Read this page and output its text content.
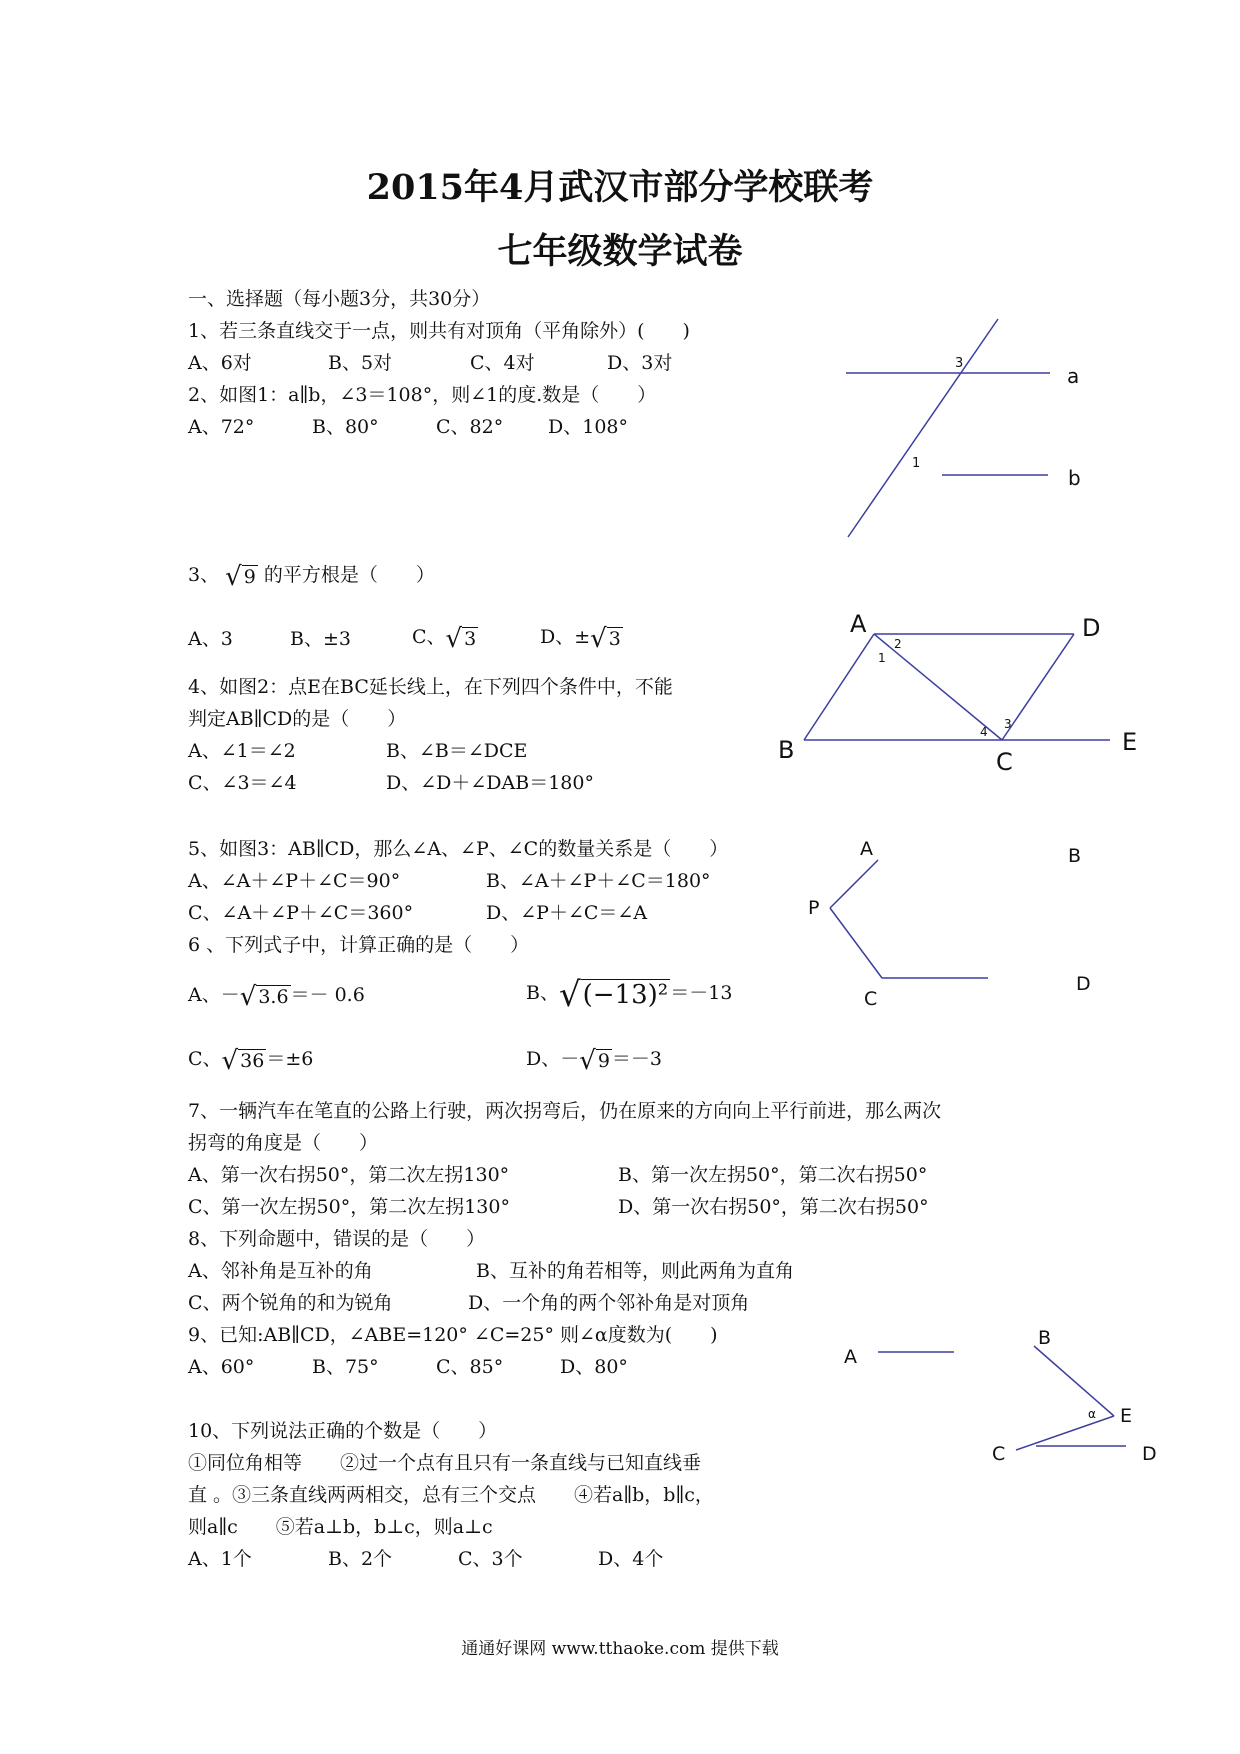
2015年4月武汉市部分学校联考
七年级数学试卷
一、选择题（每小题3分，共30分）
1、若三条直线交于一点，则共有对顶角（平角除外）(　　)
A、6对	B、5对	C、4对	D、3对
2、如图1：a∥b，∠3＝108°，则∠1的度.数是（　　）
A、72°	B、80°	C、82° D、108°
3、 √ 9 的平方根是（　　）
A、3	B、±3	C、√ 3	D、±√ 3
4、如图2：点E在BC延长线上，在下列四个条件中，不能
判定AB∥CD的是（　　）
A、∠1＝∠2	B、∠B＝∠DCE
C、∠3＝∠4	D、∠D＋∠DAB＝180°
5、如图3：AB∥CD，那么∠A、∠P、∠C的数量关系是（　　）
A、∠A＋∠P＋∠C＝90°	B、∠A＋∠P＋∠C＝180°
C、∠A＋∠P＋∠C＝360°	D、∠P＋∠C＝∠A
6 、下列式子中，计算正确的是（　　）
A、－√ 3.6 ＝－ 0.6	B、√(−13)² ＝－13
C、√ 36 ＝±6	D、－√ 9 ＝－3
7、一辆汽车在笔直的公路上行驶，两次拐弯后，仍在原来的方向向上平行前进，那么两次
拐弯的角度是（　　）
A、第一次右拐50°，第二次左拐130°	B、第一次左拐50°，第二次右拐50°
C、第一次左拐50°，第二次左拐130°	D、第一次右拐50°，第二次右拐50°
8、下列命题中，错误的是（　　）
A、邻补角是互补的角	B、互补的角若相等，则此两角为直角
C、两个锐角的和为锐角	D、一个角的两个邻补角是对顶角
9、已知:AB∥CD，∠ABE=120° ∠C=25° 则∠α度数为(　　)
A、60°	B、75°	C、85°	D、80°
10、下列说法正确的个数是（　　）
①同位角相等　　②过一个点有且只有一条直线与已知直线垂
直 。③三条直线两两相交，总有三个交点　　④若a∥b，b∥c，
则a∥c　　⑤若a⊥b，b⊥c，则a⊥c
A、1个	B、2个	C、3个	D、4个
a
b
3
1
A	D
B	C
E
1
2
3
4
A	B
P
C
D
A
B
E
C	D
α
通通好课网 www.tthaoke.com 提供下载
